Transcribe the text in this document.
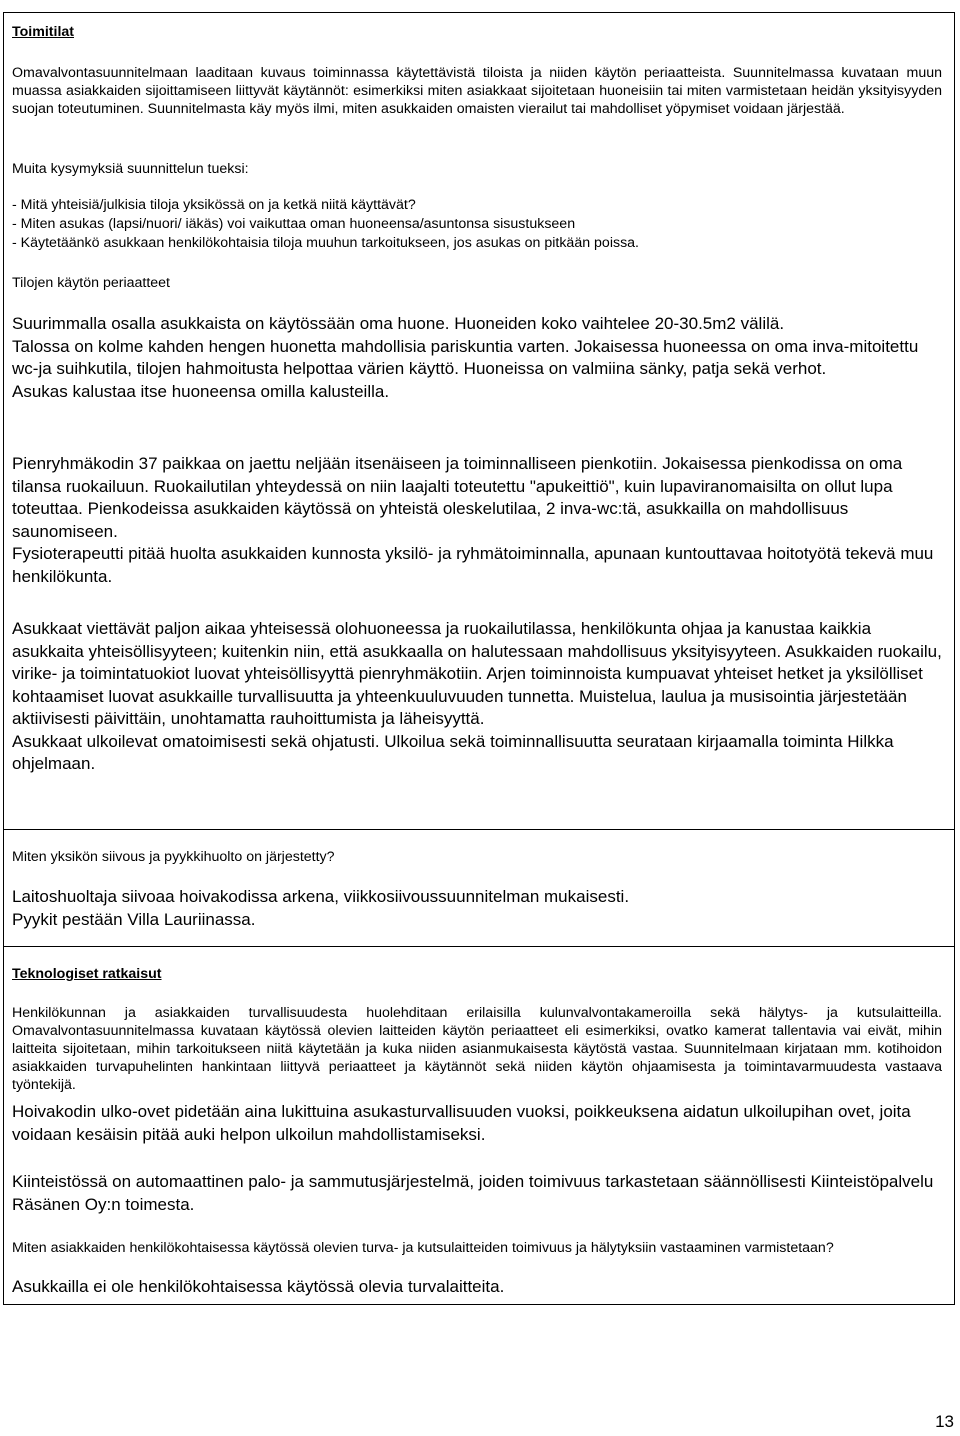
Toimitilat

Omavalvontasuunnitelmaan laaditaan kuvaus toiminnassa käytettävistä tiloista ja niiden käytön periaatteista. Suunnitelmassa kuvataan muun muassa asiakkaiden sijoittamiseen liittyvät käytännöt: esimerkiksi miten asiakkaat sijoitetaan huoneisiin tai miten varmistetaan heidän yksityisyyden suojan toteutuminen. Suunnitelmasta käy myös ilmi, miten asukkaiden omaisten vierailut tai mahdolliset yöpymiset voidaan järjestää.

Muita kysymyksiä suunnittelun tueksi:

- Mitä yhteisiä/julkisia tiloja yksikössä on ja ketkä niitä käyttävät?

- Miten asukas (lapsi/nuori/ iäkäs) voi vaikuttaa oman huoneensa/asuntonsa sisustukseen

- Käytetäänkö asukkaan henkilökohtaisia tiloja muuhun tarkoitukseen, jos asukas on pitkään poissa.

Tilojen käytön periaatteet

Suurimmalla osalla asukkaista on käytössään oma huone. Huoneiden koko vaihtelee 20-30.5m2 välilä.
Talossa on kolme kahden hengen huonetta mahdollisia pariskuntia varten. Jokaisessa huoneessa on oma inva-mitoitettu wc-ja suihkutila, tilojen hahmoitusta helpottaa värien käyttö. Huoneissa on valmiina sänky, patja sekä verhot.
Asukas kalustaa itse huoneensa omilla kalusteilla.
Pienryhmäkodin 37 paikkaa on jaettu neljään itsenäiseen ja toiminnalliseen pienkotiin. Jokaisessa pienkodissa on oma tilansa ruokailuun. Ruokailutilan yhteydessä on niin laajalti toteutettu "apukeittiö", kuin lupaviranomaisilta on ollut lupa toteuttaa. Pienkodeissa asukkaiden käytössä on yhteistä oleskelutilaa, 2 inva-wc:tä, asukkailla on mahdollisuus saunomiseen.
Fysioterapeutti pitää huolta asukkaiden kunnosta yksilö- ja ryhmätoiminnalla, apunaan kuntouttavaa hoitotyötä tekevä muu henkilökunta.
Asukkaat viettävät paljon aikaa yhteisessä olohuoneessa ja ruokailutilassa, henkilökunta ohjaa ja kanustaa kaikkia asukkaita yhteisöllisyyteen; kuitenkin niin, että asukkaalla on halutessaan mahdollisuus yksityisyyteen. Asukkaiden ruokailu, virike- ja toimintatuokiot luovat yhteisöllisyyttä pienryhmäkotiin. Arjen toiminnoista kumpuavat yhteiset hetket ja yksilölliset kohtaamiset luovat asukkaille turvallisuutta ja yhteenkuuluvuuden tunnetta. Muistelua, laulua ja musisointia järjestetään aktiivisesti päivittäin, unohtamatta rauhoittumista ja läheisyyttä.
Asukkaat ulkoilevat omatoimisesti sekä ohjatusti. Ulkoilua sekä toiminnallisuutta seurataan kirjaamalla toiminta Hilkka ohjelmaan.

Miten yksikön siivous ja pyykkihuolto on järjestetty?

Laitoshuoltaja siivoaa hoivakodissa arkena, viikkosiivoussuunnitelman mukaisesti.
Pyykit pestään Villa Lauriinassa.

Teknologiset ratkaisut

Henkilökunnan ja asiakkaiden turvallisuudesta huolehditaan erilaisilla kulunvalvontakameroilla sekä hälytys- ja kutsulaitteilla. Omavalvontasuunnitelmassa kuvataan käytössä olevien laitteiden käytön periaatteet eli esimerkiksi, ovatko kamerat tallentavia vai eivät, mihin laitteita sijoitetaan, mihin tarkoitukseen niitä käytetään ja kuka niiden asianmukaisesta käytöstä vastaa. Suunnitelmaan kirjataan mm. kotihoidon asiakkaiden turvapuhelinten hankintaan liittyvä periaatteet ja käytännöt sekä niiden käytön ohjaamisesta ja toimintavarmuudesta vastaava työntekijä.

Hoivakodin ulko-ovet pidetään aina lukittuina asukasturvallisuuden vuoksi, poikkeuksena aidatun ulkoilupihan ovet, joita voidaan kesäisin pitää auki helpon ulkoilun mahdollistamiseksi.

Kiinteistössä on automaattinen palo- ja sammutusjärjestelmä, joiden toimivuus tarkastetaan säännöllisesti Kiinteistöpalvelu Räsänen Oy:n toimesta.

Miten asiakkaiden henkilökohtaisessa käytössä olevien turva- ja kutsulaitteiden toimivuus ja hälytyksiin vastaaminen varmistetaan?

Asukkailla ei ole henkilökohtaisessa käytössä olevia turvalaitteita.

13
